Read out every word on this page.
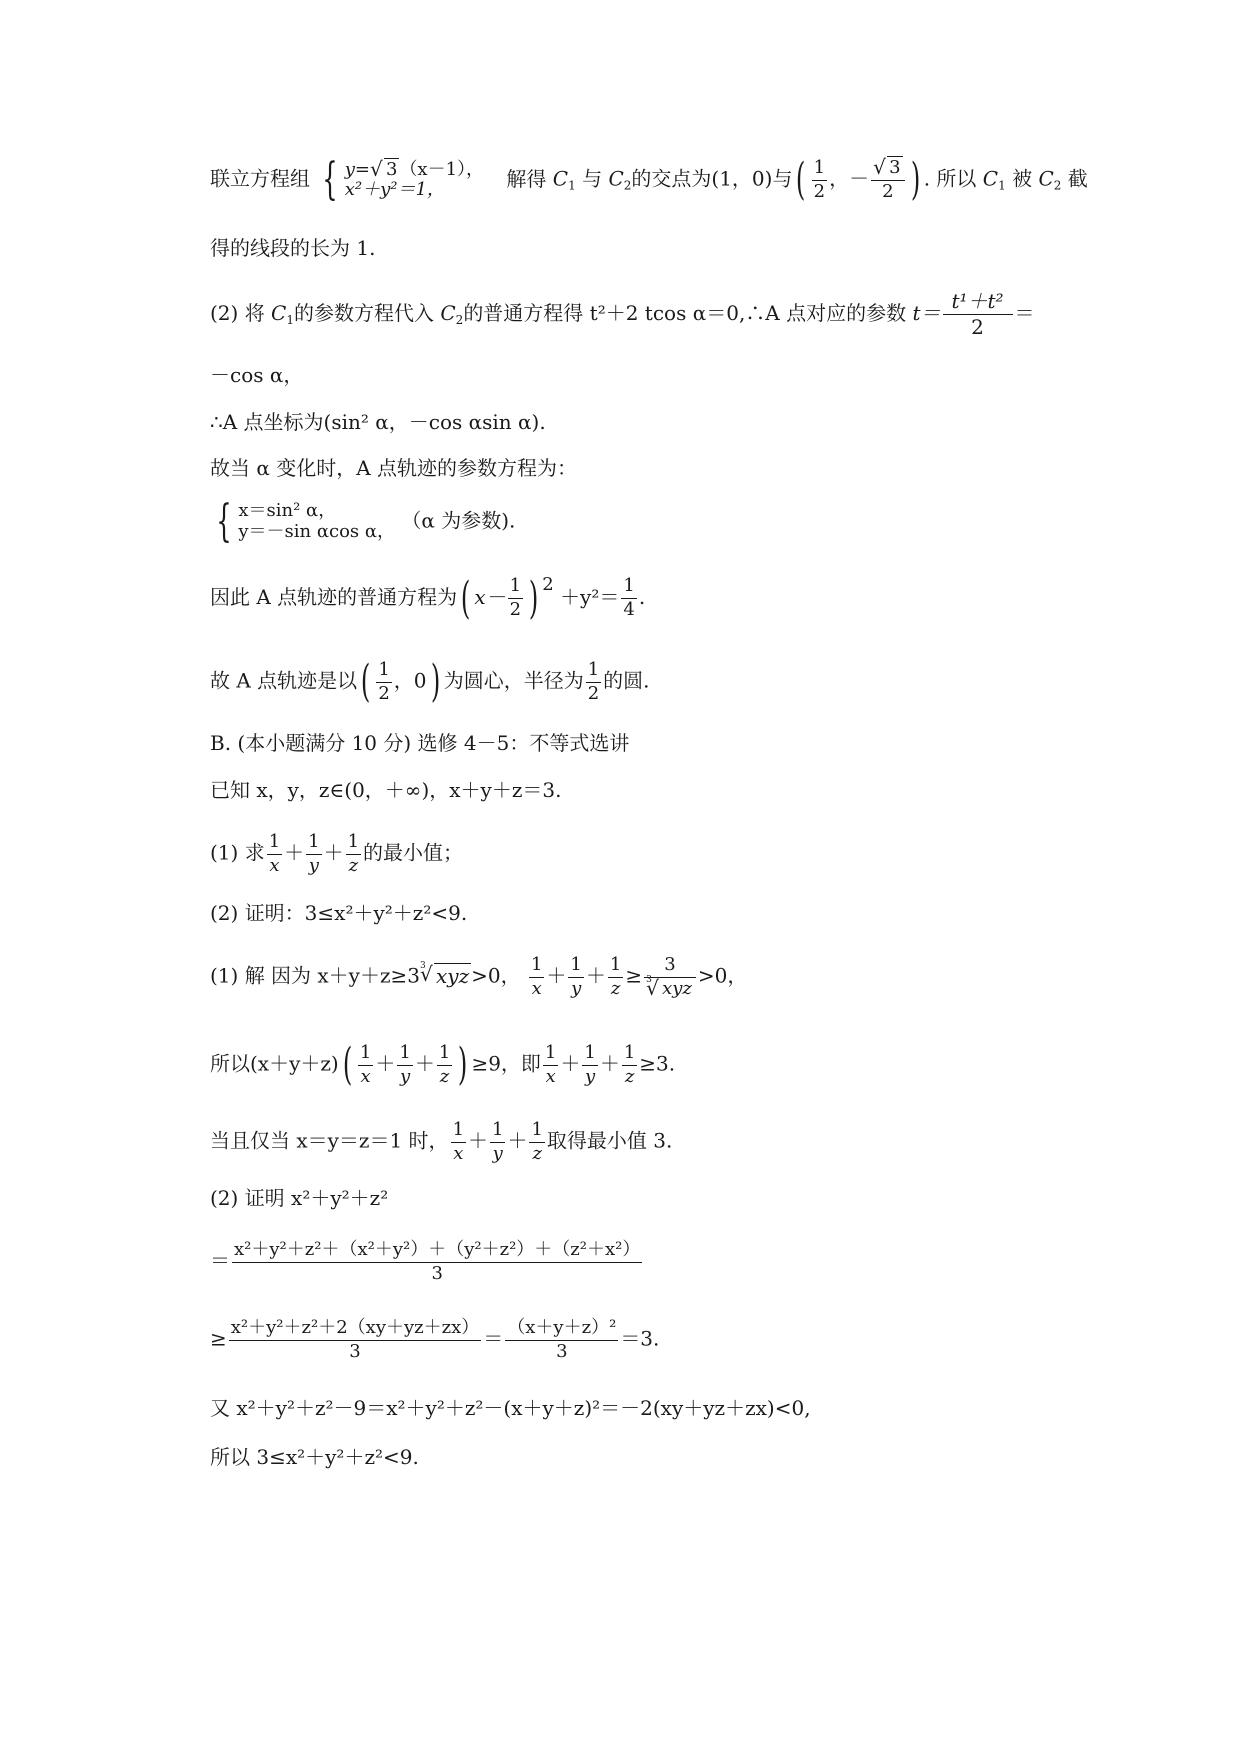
联立方程组 { y= √ 3 （x－1），
x²＋y²＝1，	解得 $C_1$ 与 $C_2$的交点为(1，0)与( $\frac{1}{2}$ ，－ √ $\frac{3}{2}$ ) . 所以 $C_1$ 被 $C_2$ 截
得的线段的长为 1.
(2) 将 $C_1$的参数方程代入 $C_2$的普通方程得 t²＋2 tcos α＝0,∴A 点对应的参数 $t= \frac{\text{t¹＋t²}}{2}$ ＝
－cos α，
∴A 点坐标为(sin² α，－cos αsin α).
故当 α 变化时，A 点轨迹的参数方程为：
{ x＝sin² α，
y＝－sin αcos α， （α 为参数).
因此 A 点轨迹的普通方程为( $x- \frac{1}{2}$ ) $2 +y^2= \frac{1}{4}$ .
故 A 点轨迹是以( $\frac{1}{2}$ ，0) 为圆心，半径为 $\frac{1}{2}$ 的圆.
B. (本小题满分 10 分) 选修 4－5：不等式选讲
已知 x，y，z∈(0，＋∞)，x＋y＋z＝3.
(1) 求 $\frac{1}{x} + \frac{1}{y} + \frac{1}{z}$ 的最小值；
(2) 证明：3≤x²＋y²＋z²<9.
(1) 解 因为 x＋y＋z≥3 √ 3 xyz >0， $\frac{1}{x} + \frac{1}{y} + \frac{1}{z} \ge 3$
√ 3 xyz >0，
所以$(x+y+z)( \frac{1}{x} + \frac{1}{y} + \frac{1}{z}$ ) ≥9，即 $\frac{1}{x} + \frac{1}{y} + \frac{1}{z} \ge 3$.
当且仅当 x＝y＝z＝1 时， $\frac{1}{x} + \frac{1}{y} + \frac{1}{z}$ 取得最小值 3.
(2) 证明 x²＋y²＋z²
＝ $\frac{\text{x²＋y²＋z²＋（x²＋y²）＋（y²＋z²）＋（z²＋x²）}}{3}$
≥ $\frac{\text{x²＋y²＋z²＋2（xy＋yz＋zx）}}{3} = \frac{\text{（x＋y＋z）²}}{3} =3$.
又 x²＋y²＋z²－9＝x²＋y²＋z²－(x＋y＋z)²＝－2(xy＋yz＋zx)<0,
所以 3≤x²＋y²＋z²<9.
